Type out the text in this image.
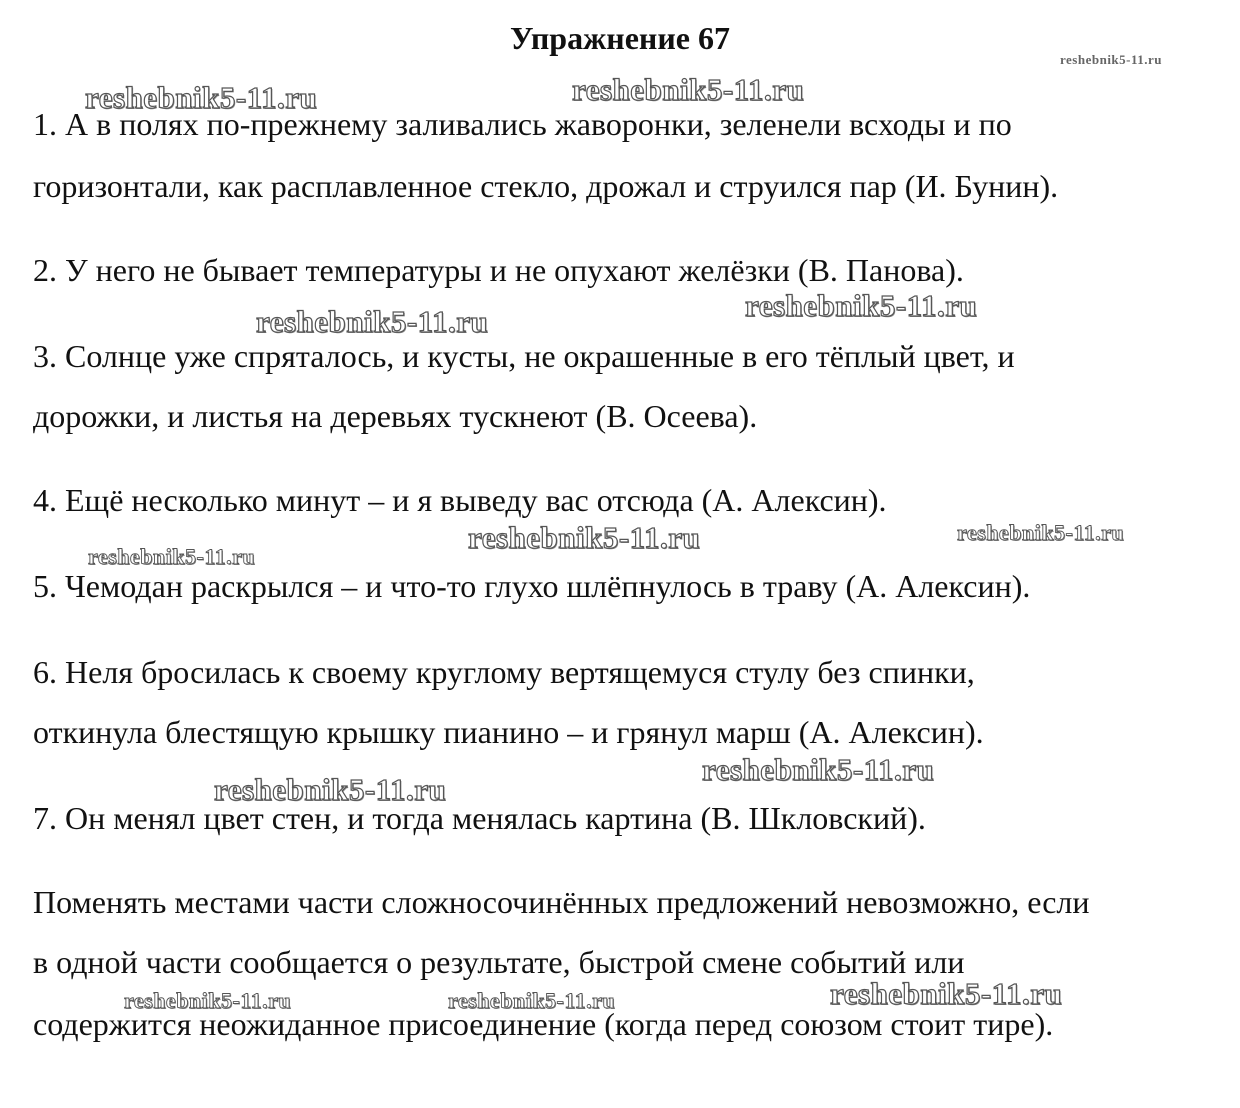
Упражнение 67

1. А в полях по-прежнему заливались жаворонки, зеленели всходы и по

горизонтали, как расплавленное стекло, дрожал и струился пар (И. Бунин).

2. У него не бывает температуры и не опухают желёзки (В. Панова).

3. Солнце уже спряталось, и кусты, не окрашенные в его тёплый цвет, и

дорожки, и листья на деревьях тускнеют (В. Осеева).

4. Ещё несколько минут – и я выведу вас отсюда (А. Алексин).

5. Чемодан раскрылся – и что-то глухо шлёпнулось в траву (А. Алексин).

6. Неля бросилась к своему круглому вертящемуся стулу без спинки,

откинула блестящую крышку пианино – и грянул марш (А. Алексин).

7. Он менял цвет стен, и тогда менялась картина (В. Шкловский).

Поменять местами части сложносочинённых предложений невозможно, если

в одной части сообщается о результате, быстрой смене событий или

содержится неожиданное присоединение (когда перед союзом стоит тире).

reshebnik5-11.ru
reshebnik5-11.ru	reshebnik5-11.ru
reshebnik5-11.ru
reshebnik5-11.ru
reshebnik5-11.ru
reshebnik5-11.ru
reshebnik5-11.ru
reshebnik5-11.ru
reshebnik5-11.ru
reshebnik5-11.ru
reshebnik5-11.ru	reshebnik5-11.ru
